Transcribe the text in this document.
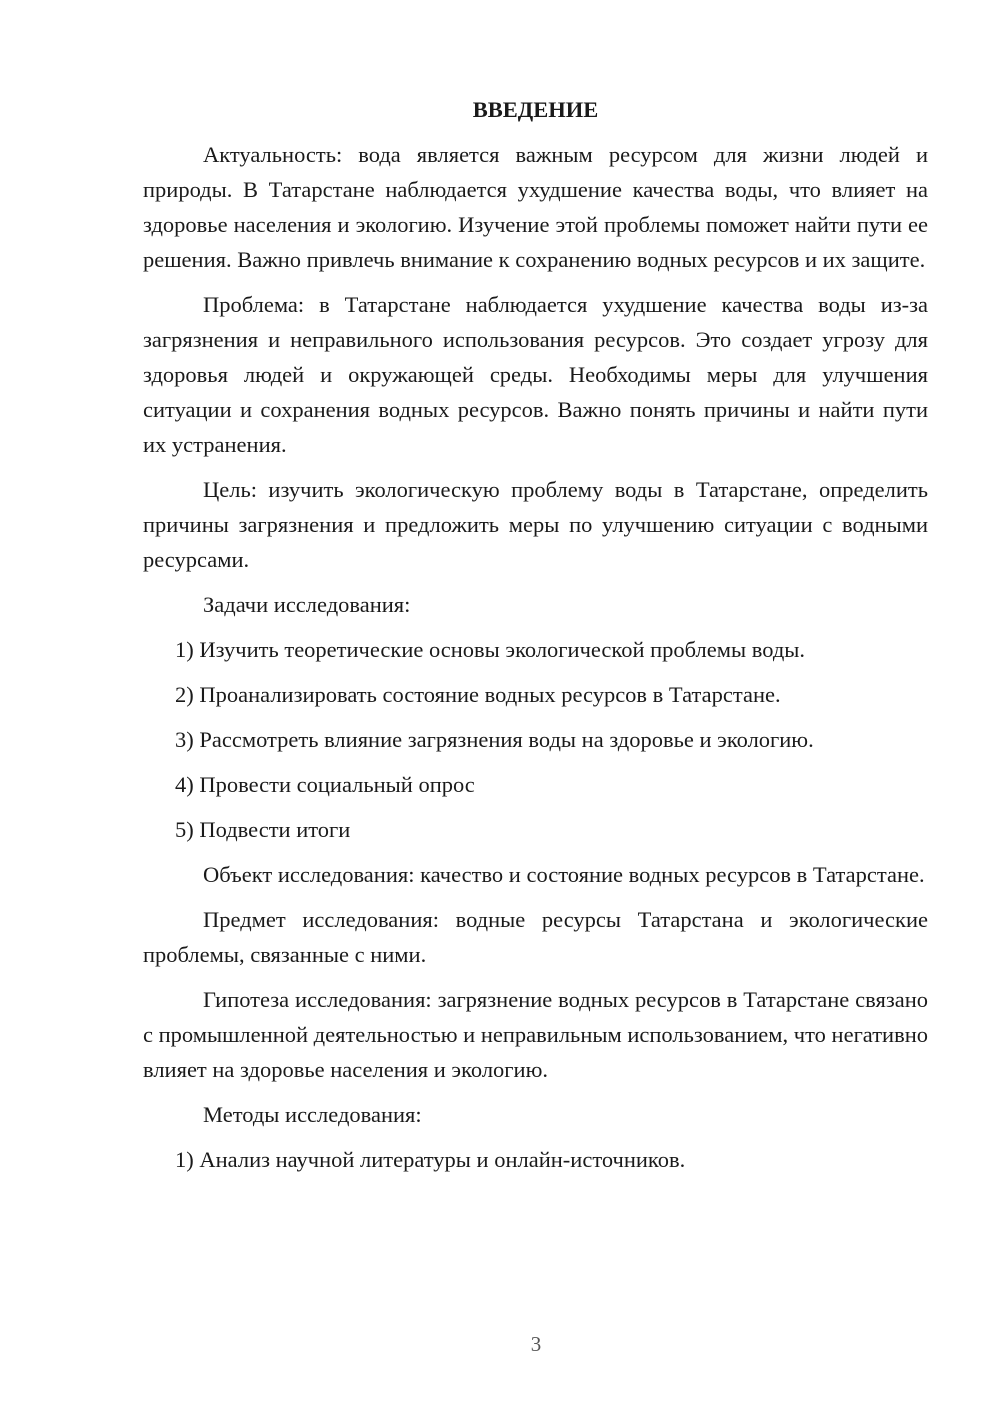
ВВЕДЕНИЕ

Актуальность: вода является важным ресурсом для жизни людей и природы. В Татарстане наблюдается ухудшение качества воды, что влияет на здоровье населения и экологию. Изучение этой проблемы поможет найти пути ее решения. Важно привлечь внимание к сохранению водных ресурсов и их защите.

Проблема: в Татарстане наблюдается ухудшение качества воды из-за загрязнения и неправильного использования ресурсов. Это создает угрозу для здоровья людей и окружающей среды. Необходимы меры для улучшения ситуации и сохранения водных ресурсов. Важно понять причины и найти пути их устранения.

Цель: изучить экологическую проблему воды в Татарстане, определить причины загрязнения и предложить меры по улучшению ситуации с водными ресурсами.

Задачи исследования:

1) Изучить теоретические основы экологической проблемы воды.

2) Проанализировать состояние водных ресурсов в Татарстане.

3) Рассмотреть влияние загрязнения воды на здоровье и экологию.

4) Провести социальный опрос

5) Подвести итоги

Объект исследования: качество и состояние водных ресурсов в Татарстане.

Предмет исследования: водные ресурсы Татарстана и экологические проблемы, связанные с ними.

Гипотеза исследования: загрязнение водных ресурсов в Татарстане связано с промышленной деятельностью и неправильным использованием, что негативно влияет на здоровье населения и экологию.

Методы исследования:

1) Анализ научной литературы и онлайн-источников.

3
